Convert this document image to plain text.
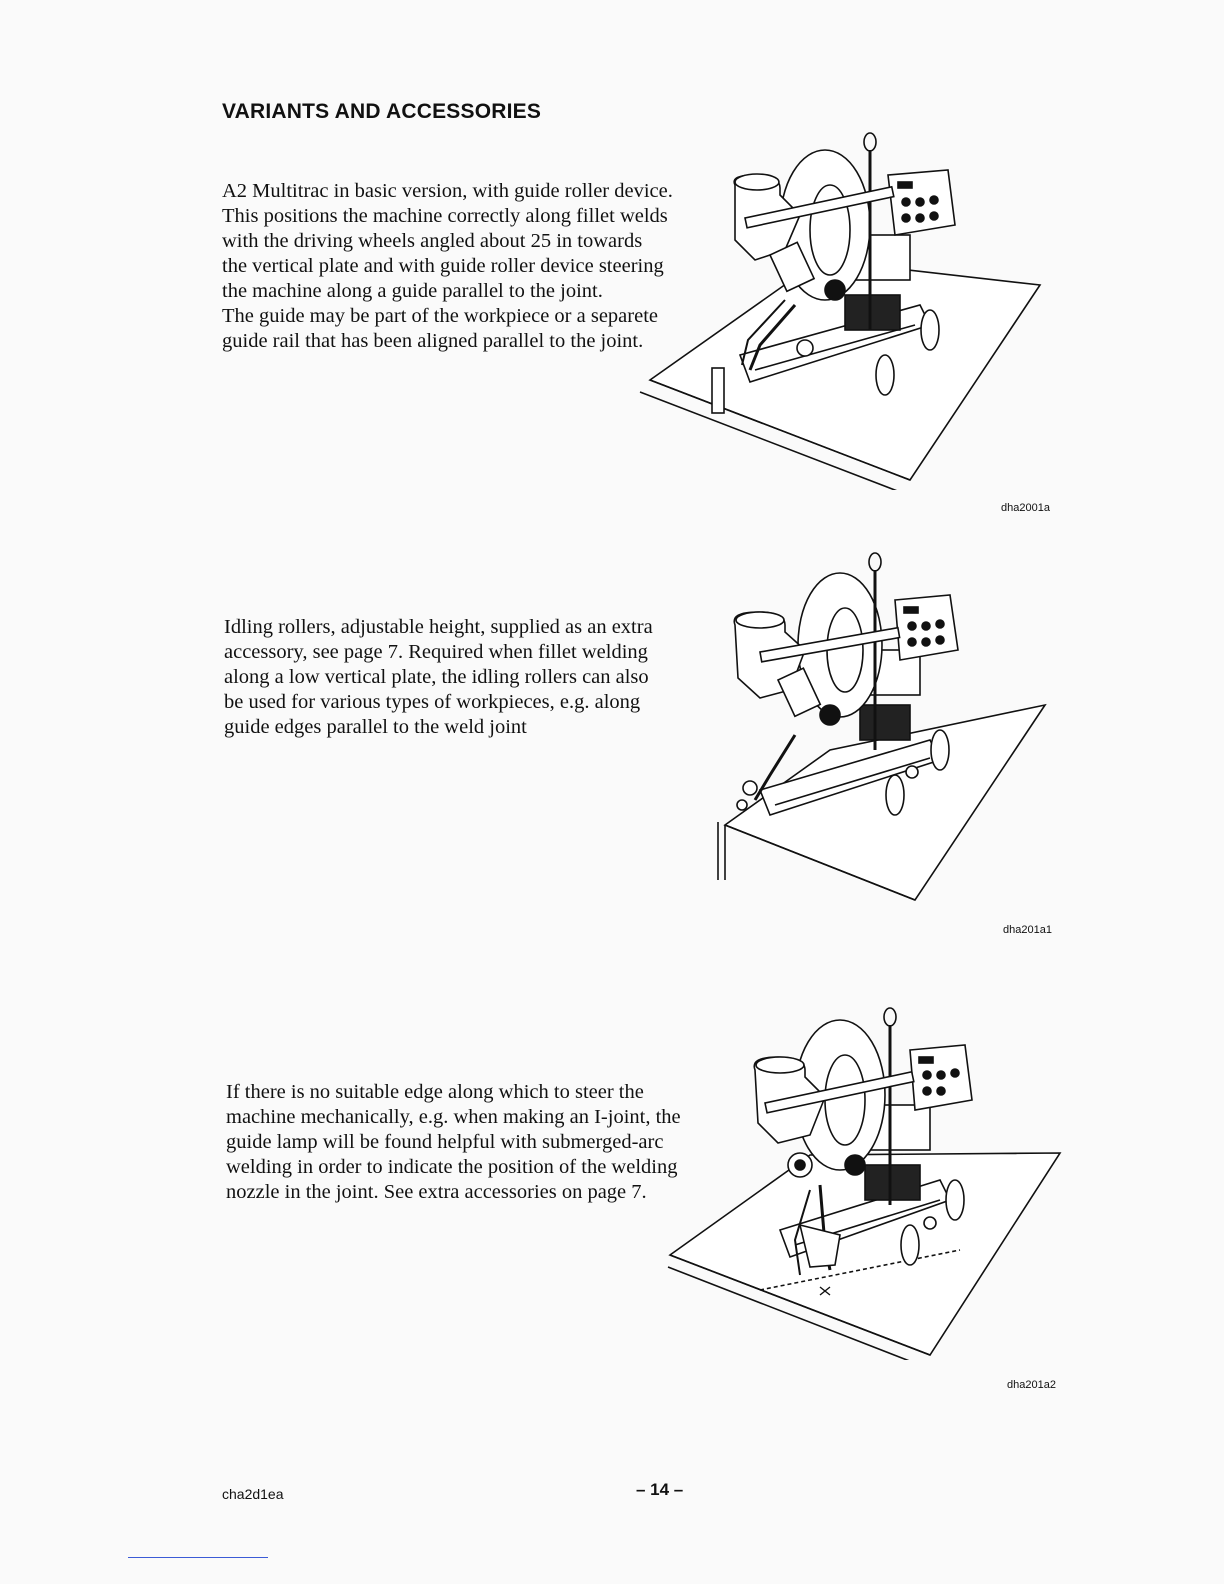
VARIANTS AND ACCESSORIES
A2 Multitrac in basic version, with guide roller device.
This positions the machine correctly along fillet welds
with the driving wheels angled about 25 in towards
the vertical plate and with guide roller device steering
the machine along a guide parallel to the joint.
The guide may be part of the workpiece or a separete
guide rail that has been aligned parallel to the joint.
dha2001a
Idling rollers, adjustable height, supplied as an extra
accessory, see page 7. Required when fillet welding
along a low vertical plate, the idling rollers can also
be used for various types of workpieces, e.g. along
guide edges parallel to the weld joint
dha201a1
If there is no suitable edge along which to steer the
machine mechanically, e.g. when making an I-joint, the
guide lamp will be found helpful with submerged-arc
welding in order to indicate the position of the welding
nozzle in the joint. See extra accessories on page 7.
dha201a2
cha2d1ea	– 14 –
